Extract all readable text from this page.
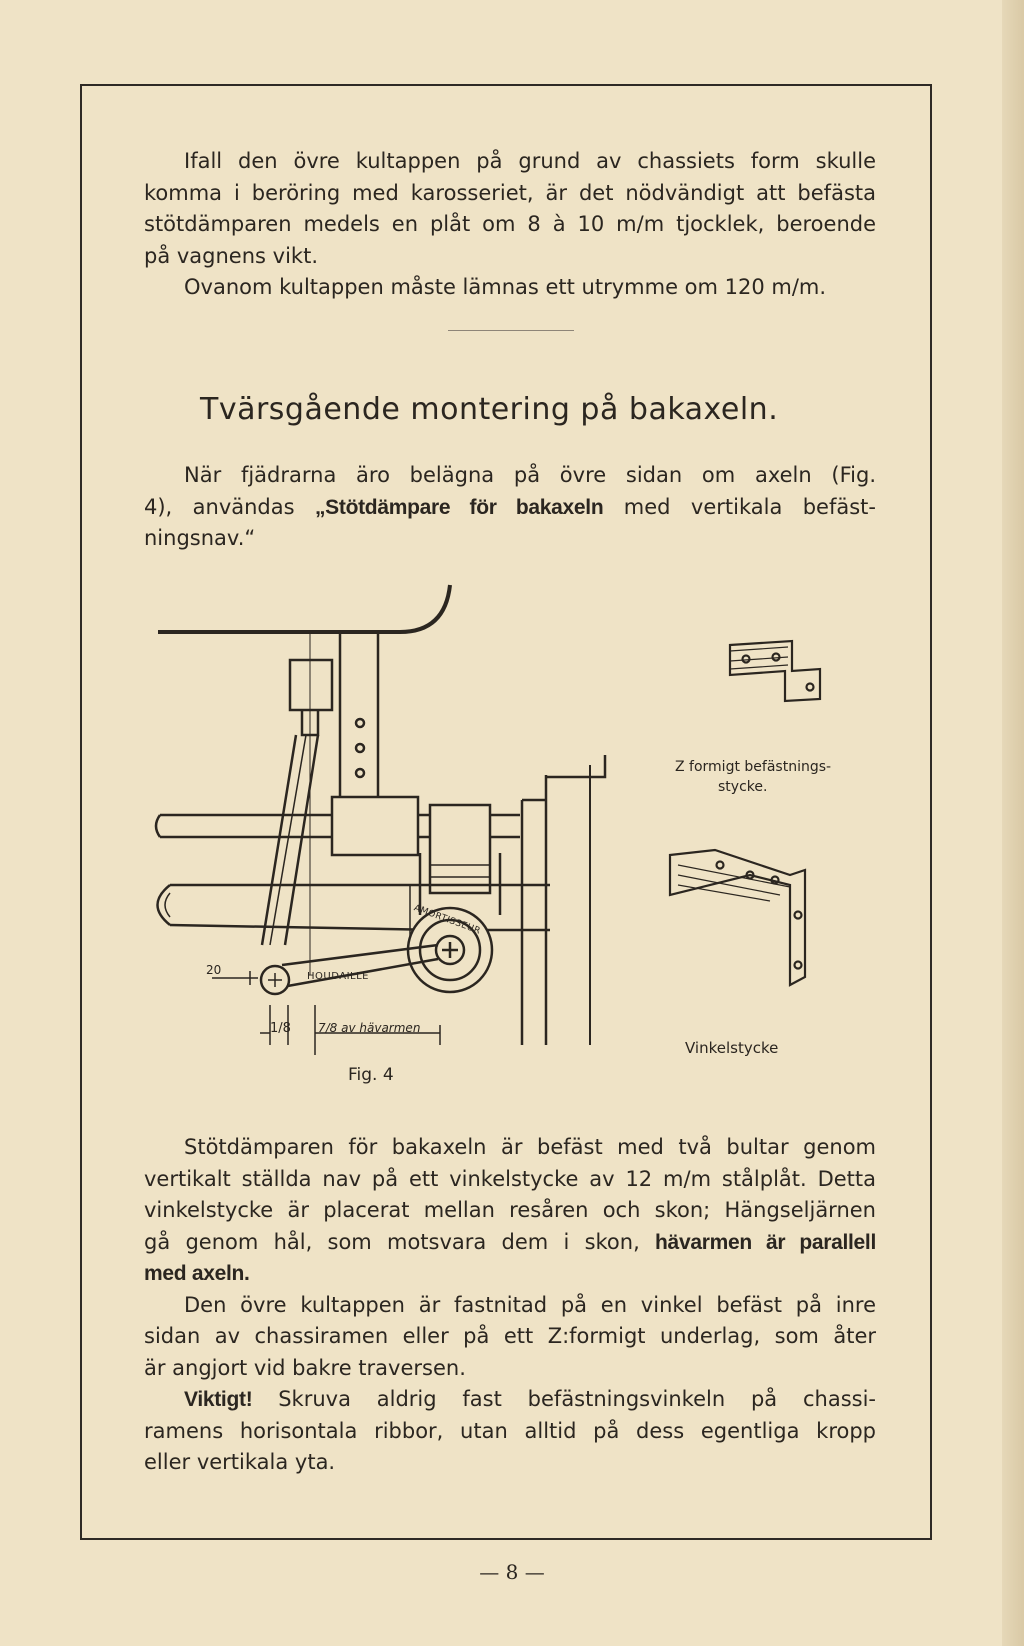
Ifall den övre kultappen på grund av chassiets form skulle
komma i beröring med karosseriet, är det nödvändigt att befästa
stötdämparen medels en plåt om 8 à 10 m/m tjocklek, beroende
på vagnens vikt.
Ovanom kultappen måste lämnas ett utrymme om 120 m/m.
Tvärsgående montering på bakaxeln.
När fjädrarna äro belägna på övre sidan om axeln (Fig.
4), användas „Stötdämpare för bakaxeln med vertikala befäst-
ningsnav.“
20	HOUDAILLE
AMORTISSEUR
1/8 7/8 av hävarmen
Fig. 4
Z formigt befästnings-
stycke.
Vinkelstycke
Stötdämparen för bakaxeln är befäst med två bultar genom
vertikalt ställda nav på ett vinkelstycke av 12 m/m stålplåt. Detta
vinkelstycke är placerat mellan resåren och skon; Hängseljärnen
gå genom hål, som motsvara dem i skon, hävarmen är parallell
med axeln.
Den övre kultappen är fastnitad på en vinkel befäst på inre
sidan av chassiramen eller på ett Z:formigt underlag, som åter
är angjort vid bakre traversen.
Viktigt! Skruva aldrig fast befästningsvinkeln på chassi-
ramens horisontala ribbor, utan alltid på dess egentliga kropp
eller vertikala yta.
— 8 —
